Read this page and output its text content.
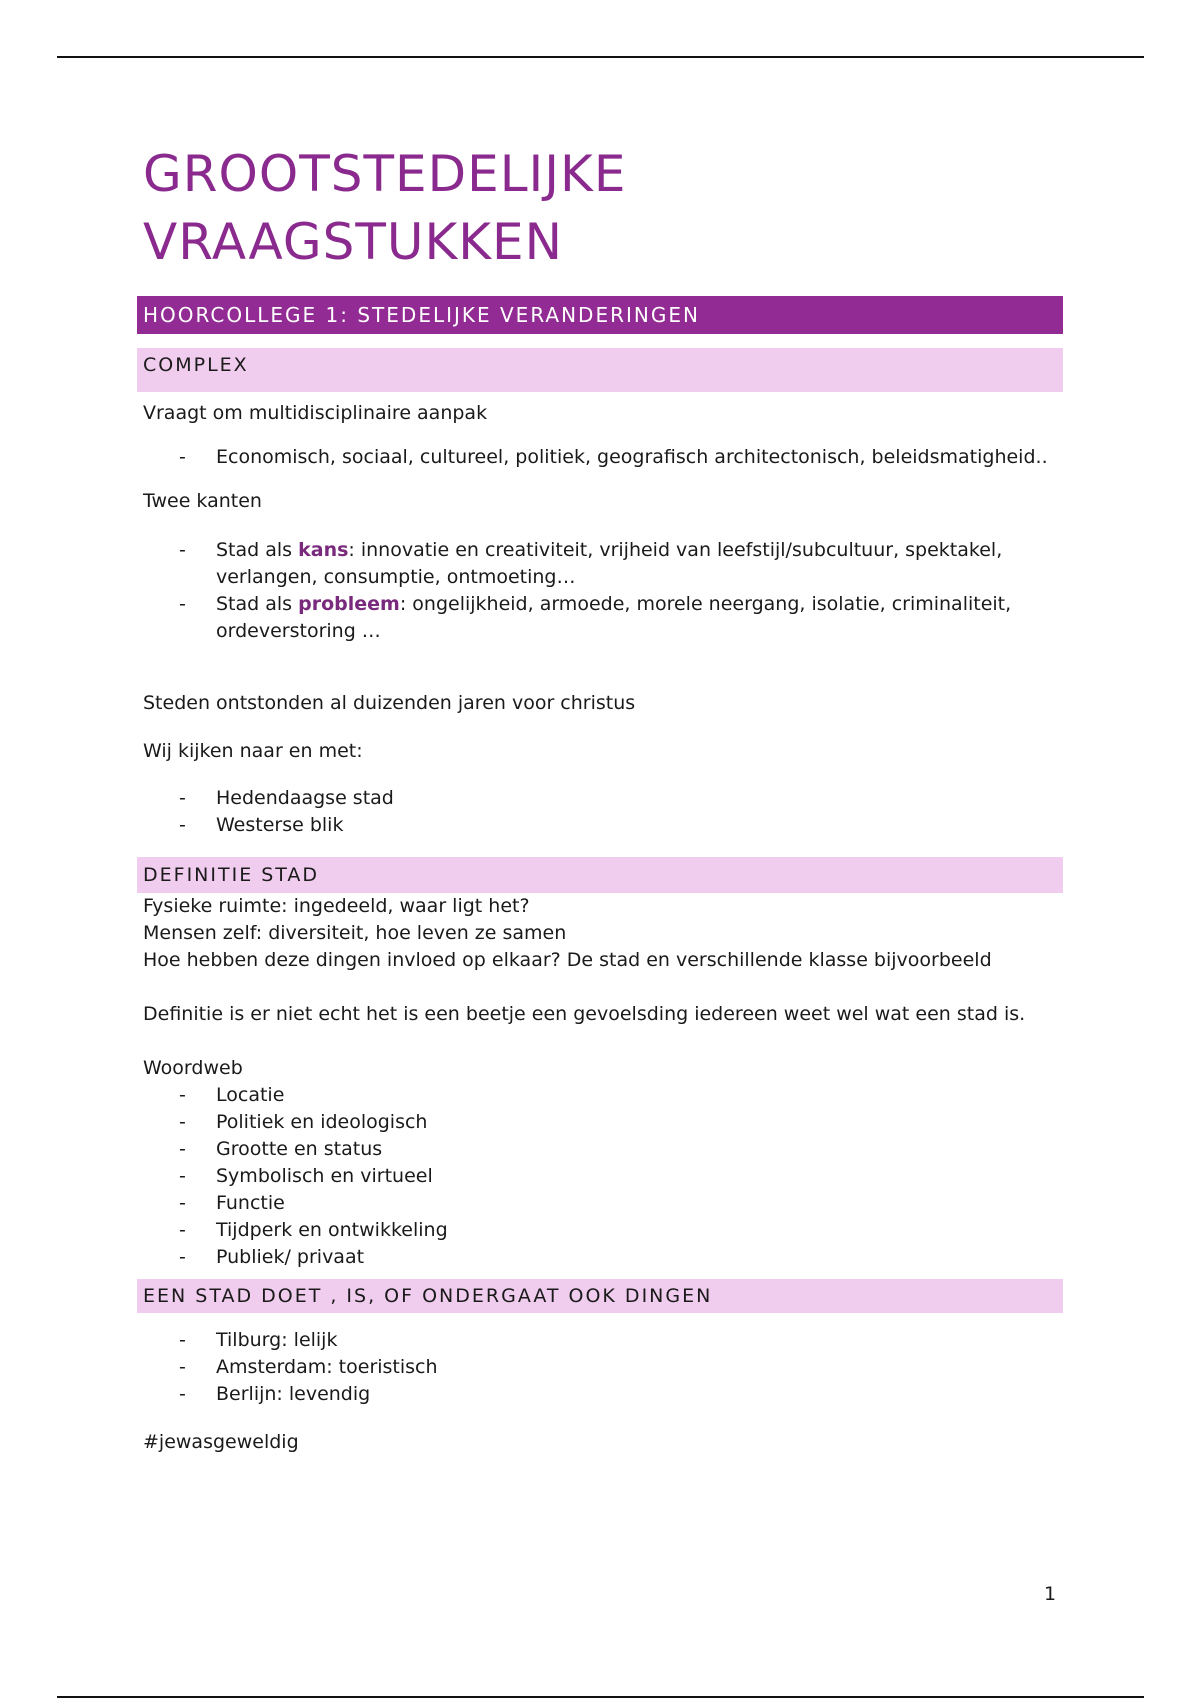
GROOTSTEDELIJKE
VRAAGSTUKKEN
HOORCOLLEGE 1: STEDELIJKE VERANDERINGEN
COMPLEX

Vraagt om multidisciplinaire aanpak

- Economisch, sociaal, cultureel, politiek, geografisch architectonisch, beleidsmatigheid..

Twee kanten

- Stad als kans: innovatie en creativiteit, vrijheid van leefstijl/subcultuur, spektakel, verlangen, consumptie, ontmoeting…
- Stad als probleem: ongelijkheid, armoede, morele neergang, isolatie, criminaliteit, ordeverstoring …

Steden ontstonden al duizenden jaren voor christus

Wij kijken naar en met:

- Hedendaagse stad
- Westerse blik
DEFINITIE STAD

Fysieke ruimte: ingedeeld, waar ligt het?

Mensen zelf: diversiteit, hoe leven ze samen

Hoe hebben deze dingen invloed op elkaar? De stad en verschillende klasse bijvoorbeeld

Definitie is er niet echt het is een beetje een gevoelsding iedereen weet wel wat een stad is.

Woordweb

- Locatie
- Politiek en ideologisch
- Grootte en status
- Symbolisch en virtueel
- Functie
- Tijdperk en ontwikkeling
- Publiek/ privaat
EEN STAD DOET , IS, OF ONDERGAAT OOK DINGEN
- Tilburg: lelijk
- Amsterdam: toeristisch
- Berlijn: levendig

#jewasgeweldig

1
